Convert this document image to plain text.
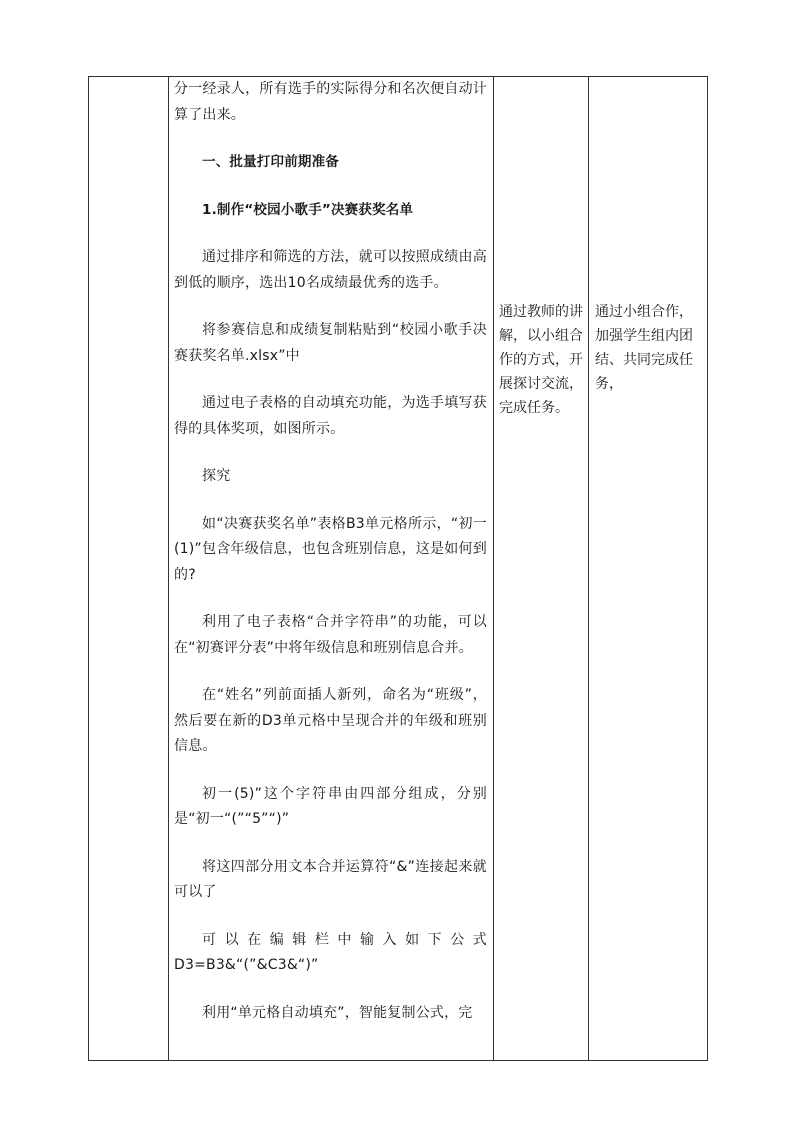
分一经录人，所有选手的实际得分和名次便自动计算了出来。

一、批量打印前期准备

1.制作“校园小歌手”决赛获奖名单

通过排序和筛选的方法，就可以按照成绩由高到低的顺序，选出10名成绩最优秀的选手。

将参赛信息和成绩复制粘贴到“校园小歌手决赛获奖名单.xlsx”中

通过电子表格的自动填充功能，为选手填写获得的具体奖项，如图所示。

探究

如“决赛获奖名单”表格B3单元格所示，“初一(1)”包含年级信息，也包含班别信息，这是如何到的?

利用了电子表格“合并字符串”的功能，可以在“初赛评分表”中将年级信息和班别信息合并。

在“姓名”列前面插人新列，命名为“班级”，然后要在新的D3单元格中呈现合并的年级和班别信息。

初一(5)”这个字符串由四部分组成，分别是“初一“(”“5”“)”

将这四部分用文本合并运算符“&”连接起来就可以了

可以在编辑栏中输入如下公式D3=B3&“(”&C3&“)”

利用“单元格自动填充”，智能复制公式，完

通过教师的讲解，以小组合作的方式，开展探讨交流，完成任务。

通过小组合作，加强学生组内团结、共同完成任务，
